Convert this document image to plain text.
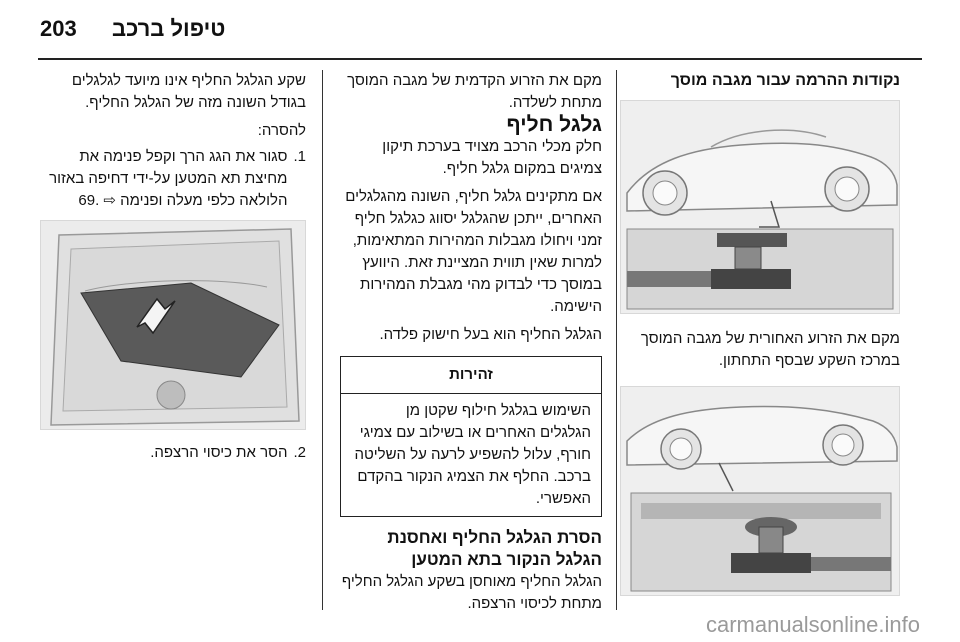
203 טיפול ברכב

נקודות ההרמה עבור מגבה מוסך

מקם את הזרוע האחורית של מגבה המוסך במרכז השקע שבסף התחתון.

מקם את הזרוע הקדמית של מגבה המוסך מתחת לשלדה.

גלגל חליף

חלק מכלי הרכב מצויד בערכת תיקון צמיגים במקום גלגל חליף.

אם מתקינים גלגל חליף, השונה מהגלגלים האחרים, ייתכן שהגלגל יסווג כגלגל חליף זמני ויחולו מגבלות המהירות המתאימות, למרות שאין תווית המציינת זאת. היוועץ במוסך כדי לבדוק מהי מגבלת המהירות הישימה.

הגלגל החליף הוא בעל חישוק פלדה.

זהירות
השימוש בגלגל חילוף שקטן מן הגלגלים האחרים או בשילוב עם צמיגי חורף, עלול להשפיע לרעה על השליטה ברכב. החלף את הצמיג הנקור בהקדם האפשרי.

הסרת הגלגל החליף ואחסנת הגלגל הנקור בתא המטען

הגלגל החליף מאוחסן בשקע הגלגל החליף מתחת לכיסוי הרצפה.

שקע הגלגל החליף אינו מיועד לגלגלים בגודל השונה מזה של הגלגל החליף.

להסרה:

1.
סגור את הגג הרך וקפל פנימה את מחיצת תא המטען על-ידי דחיפה באזור הלולאה כלפי מעלה ופנימה ⇨ .69
2.
הסר את כיסוי הרצפה.
carmanualsonline.info
